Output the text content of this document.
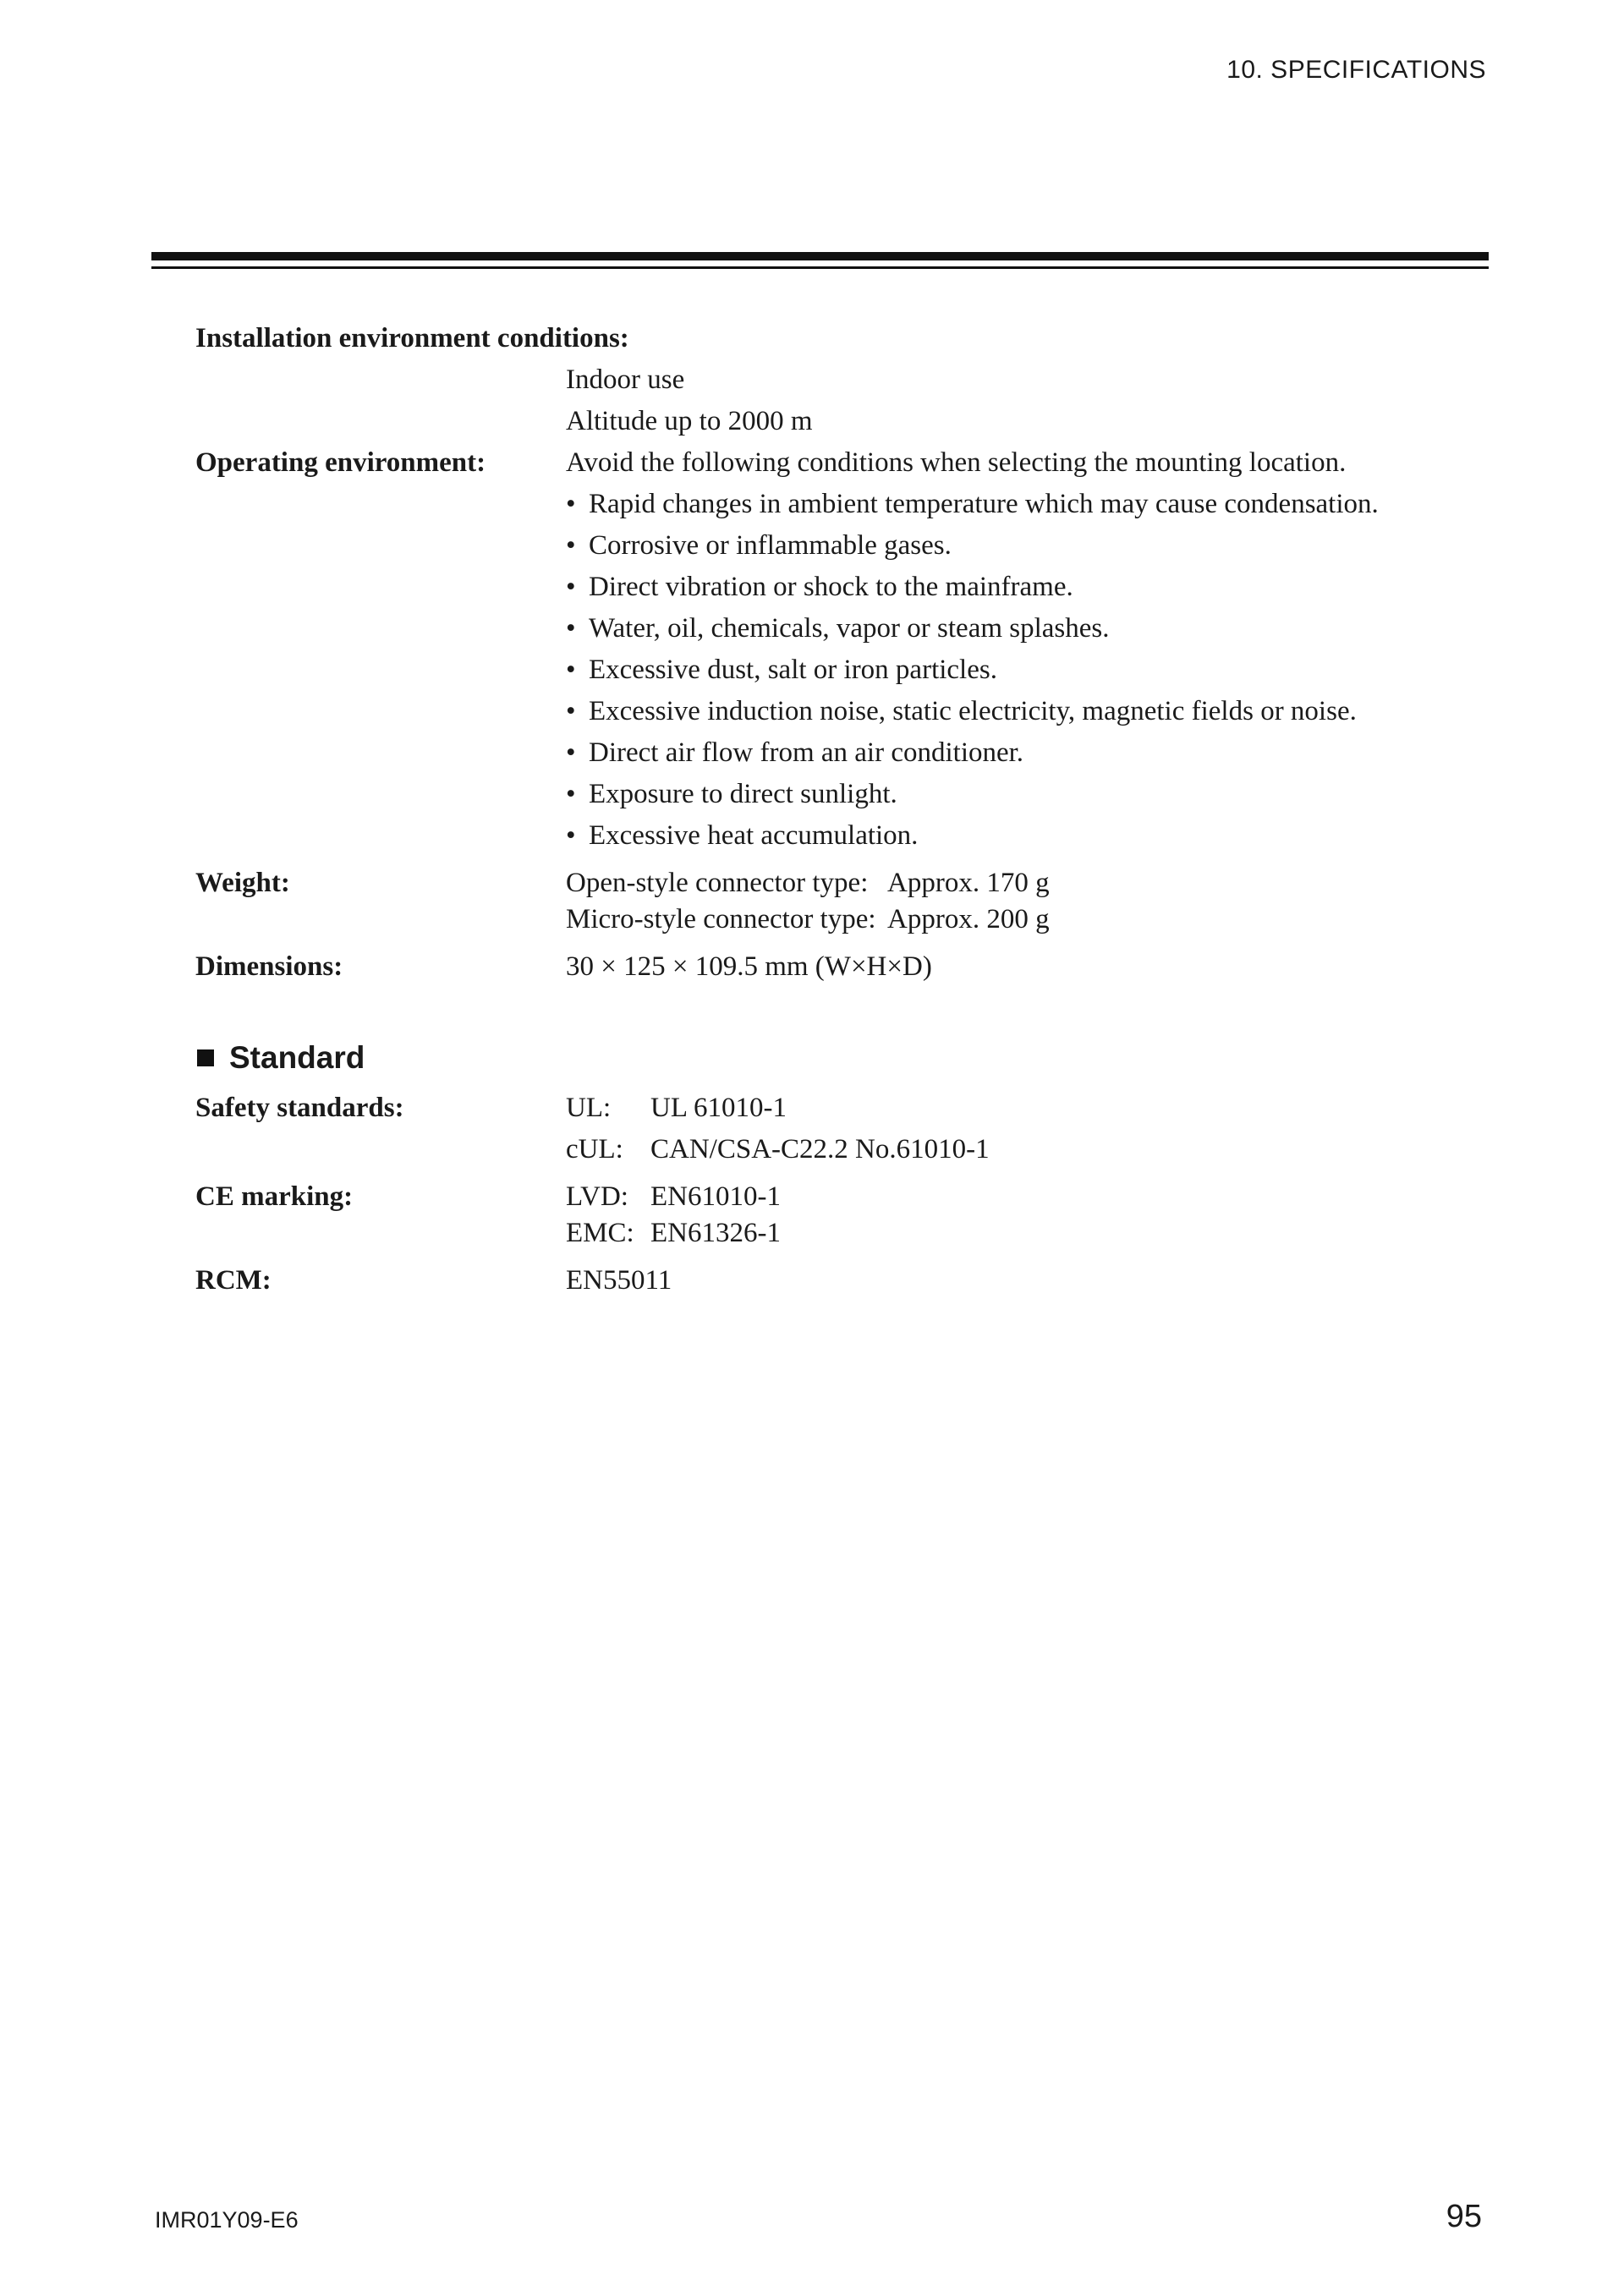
10. SPECIFICATIONS
Installation environment conditions:
Indoor use
Altitude up to 2000 m
Operating environment:	Avoid the following conditions when selecting the mounting location.
• Rapid changes in ambient temperature which may cause condensation.
• Corrosive or inflammable gases.
• Direct vibration or shock to the mainframe.
• Water, oil, chemicals, vapor or steam splashes.
• Excessive dust, salt or iron particles.
• Excessive induction noise, static electricity, magnetic fields or noise.
• Direct air flow from an air conditioner.
• Exposure to direct sunlight.
• Excessive heat accumulation.
Weight:	Open-style connector type: Approx. 170 g
Micro-style connector type: Approx. 200 g
Dimensions:	30 × 125 × 109.5 mm (W×H×D)
Standard
Safety standards:	UL: UL 61010-1
cUL: CAN/CSA-C22.2 No.61010-1
CE marking:	LVD: EN61010-1
EMC: EN61326-1
RCM:	EN55011
IMR01Y09-E6	95
